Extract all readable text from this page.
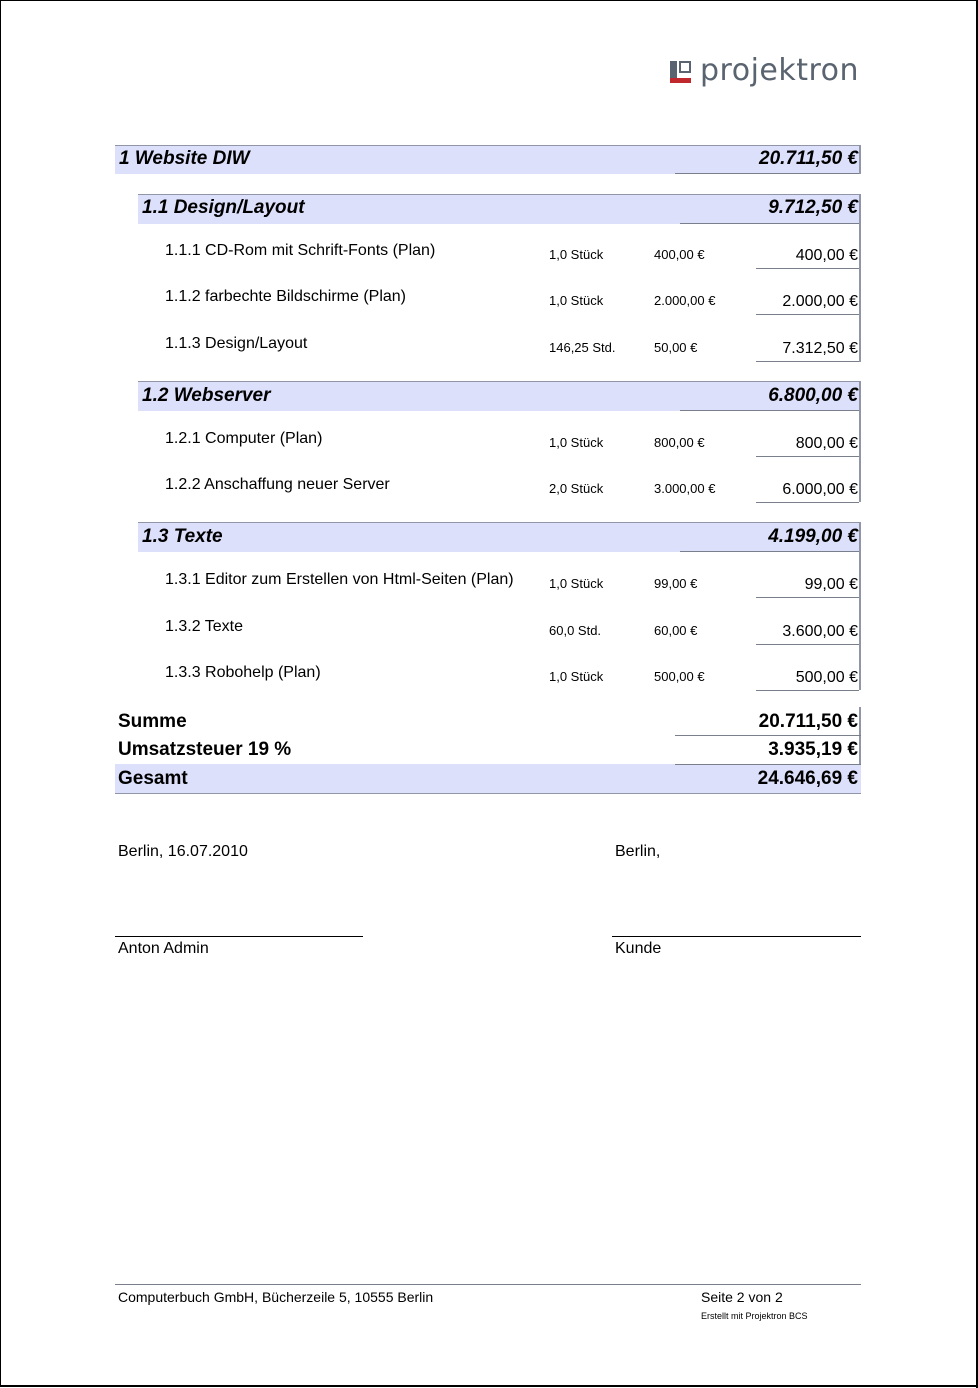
projektron
1 Website DIW	20.711,50 €
1.1 Design/Layout	9.712,50 €
1.1.1 CD-Rom mit Schrift-Fonts (Plan)	1,0 Stück	400,00 €	400,00 €
1.1.2 farbechte Bildschirme (Plan)	1,0 Stück	2.000,00 €	2.000,00 €
1.1.3 Design/Layout	146,25 Std.	50,00 €	7.312,50 €
1.2 Webserver	6.800,00 €
1.2.1 Computer (Plan)	1,0 Stück	800,00 €	800,00 €
1.2.2 Anschaffung neuer Server	2,0 Stück	3.000,00 €	6.000,00 €
1.3 Texte	4.199,00 €
1.3.1 Editor zum Erstellen von Html-Seiten (Plan)	1,0 Stück	99,00 €	99,00 €
1.3.2 Texte	60,0 Std.	60,00 €	3.600,00 €
1.3.3 Robohelp (Plan)	1,0 Stück	500,00 €	500,00 €
Summe	20.711,50 €
Umsatzsteuer 19 %	3.935,19 €
Gesamt	24.646,69 €
Berlin, 16.07.2010	Berlin,
Anton Admin	Kunde
Computerbuch GmbH, Bücherzeile 5, 10555 Berlin	Seite 2 von 2
Erstellt mit Projektron BCS
